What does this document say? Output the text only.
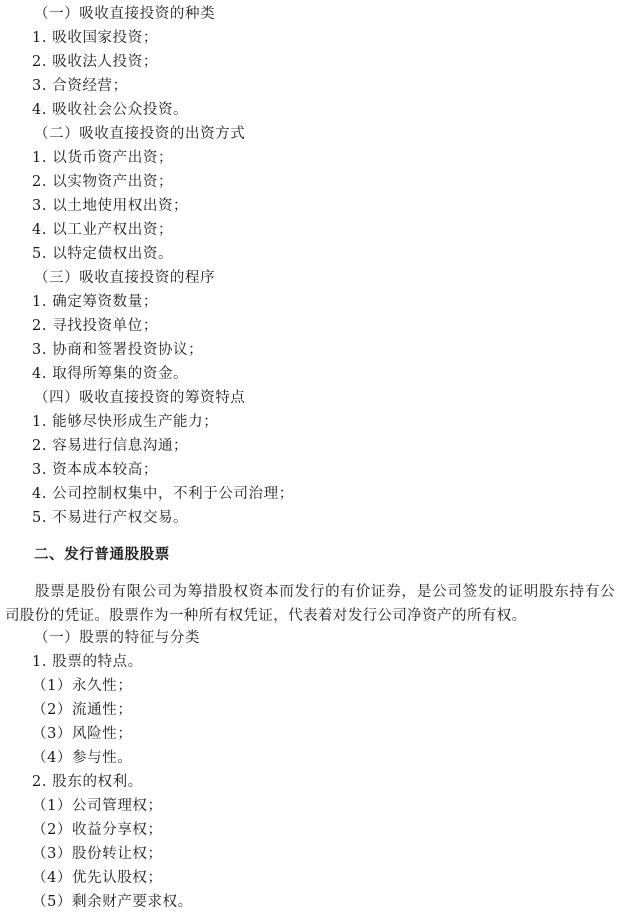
（一）吸收直接投资的种类
1. 吸收国家投资；
2. 吸收法人投资；
3. 合资经营；
4. 吸收社会公众投资。
（二）吸收直接投资的出资方式
1. 以货币资产出资；
2. 以实物资产出资；
3. 以土地使用权出资；
4. 以工业产权出资；
5. 以特定债权出资。
（三）吸收直接投资的程序
1. 确定筹资数量；
2. 寻找投资单位；
3. 协商和签署投资协议；
4. 取得所筹集的资金。
（四）吸收直接投资的筹资特点
1. 能够尽快形成生产能力；
2. 容易进行信息沟通；
3. 资本成本较高；
4. 公司控制权集中，不利于公司治理；
5. 不易进行产权交易。
二、发行普通股股票
股票是股份有限公司为筹措股权资本而发行的有价证券，是公司签发的证明股东持有公司股份的凭证。股票作为一种所有权凭证，代表着对发行公司净资产的所有权。
（一）股票的特征与分类
1. 股票的特点。
（1）永久性；
（2）流通性；
（3）风险性；
（4）参与性。
2. 股东的权利。
（1）公司管理权；
（2）收益分享权；
（3）股份转让权；
（4）优先认股权；
（5）剩余财产要求权。
